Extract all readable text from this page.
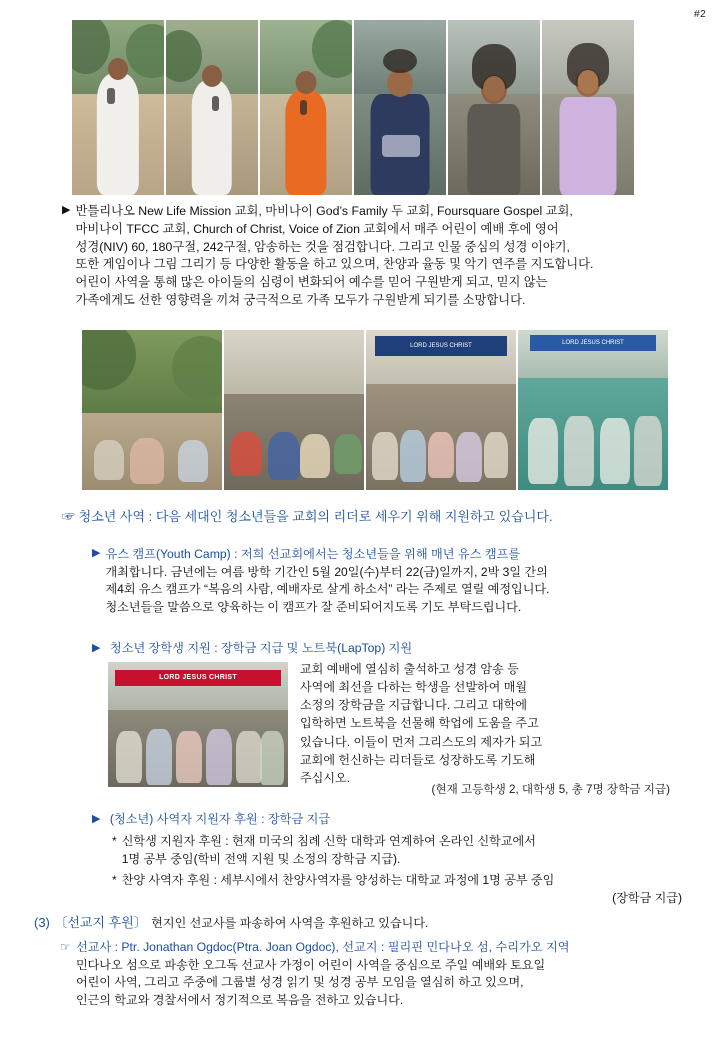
#2
▶ 반틀리나오 New Life Mission 교회, 마비나이 God’s Family 두 교회, Foursquare Gospel 교회,
마비나이 TFCC 교회, Church of Christ, Voice of Zion 교회에서 매주 어린이 예배 후에 영어
성경(NIV) 60, 180구절, 242구절, 암송하는 것을 점검합니다. 그리고 인물 중심의 성경 이야기,
또한 게임이나 그림 그리기 등 다양한 활동을 하고 있으며, 찬양과 율동 및 악기 연주를 지도합니다.
어린이 사역을 통해 많은 아이들의 심령이 변화되어 예수를 믿어 구원받게 되고, 믿지 않는
가족에게도 선한 영향력을 끼쳐 궁극적으로 가족 모두가 구원받게 되기를 소망합니다.
LORD JESUS CHRIST
LORD JESUS CHRIST
☞ 청소년 사역 : 다음 세대인 청소년들을 교회의 리더로 세우기 위해 지원하고 있습니다.
▶ 유스 캠프(Youth Camp) : 저희 선교회에서는 청소년들을 위해 매년 유스 캠프를
개최합니다. 금년에는 여름 방학 기간인 5월 20일(수)부터 22(금)일까지, 2박 3일 간의
제4회 유스 캠프가 “복음의 사람, 예배자로 살게 하소서” 라는 주제로 열릴 예정입니다.
청소년들을 말씀으로 양육하는 이 캠프가 잘 준비되어지도록 기도 부탁드립니다.
▶ 청소년 장학생 지원 : 장학금 지급 및 노트북(LapTop) 지원
LORD JESUS CHRIST
교회 예배에 열심히 출석하고 성경 암송 등
사역에 최선을 다하는 학생을 선발하여 매월
소정의 장학금을 지급합니다. 그리고 대학에
입학하면 노트북을 선물해 학업에 도움을 주고
있습니다. 이들이 먼저 그리스도의 제자가 되고
교회에 헌신하는 리더들로 성장하도록 기도해
주십시오.
(현재 고등학생 2, 대학생 5, 총 7명 장학금 지급)
▶ (청소년) 사역자 지원자 후원 : 장학금 지급
* 신학생 지원자 후원 : 현재 미국의 침례 신학 대학과 연계하여 온라인 신학교에서
1명 공부 중임(학비 전액 지원 및 소정의 장학금 지급).
* 찬양 사역자 후원 : 세부시에서 찬양사역자를 양성하는 대학교 과정에 1명 공부 중임
(장학금 지급)
(3) 〔선교지 후원〕 현지인 선교사를 파송하여 사역을 후원하고 있습니다.
☞ 선교사 : Ptr. Jonathan Ogdoc(Ptra. Joan Ogdoc), 선교지 : 필리핀 민다나오 섬, 수리가오 지역
민다나오 섬으로 파송한 오그독 선교사 가정이 어린이 사역을 중심으로 주일 예배와 토요일
어린이 사역, 그리고 주중에 그룹별 성경 읽기 및 성경 공부 모임을 열심히 하고 있으며,
인근의 학교와 경찰서에서 정기적으로 복음을 전하고 있습니다.
